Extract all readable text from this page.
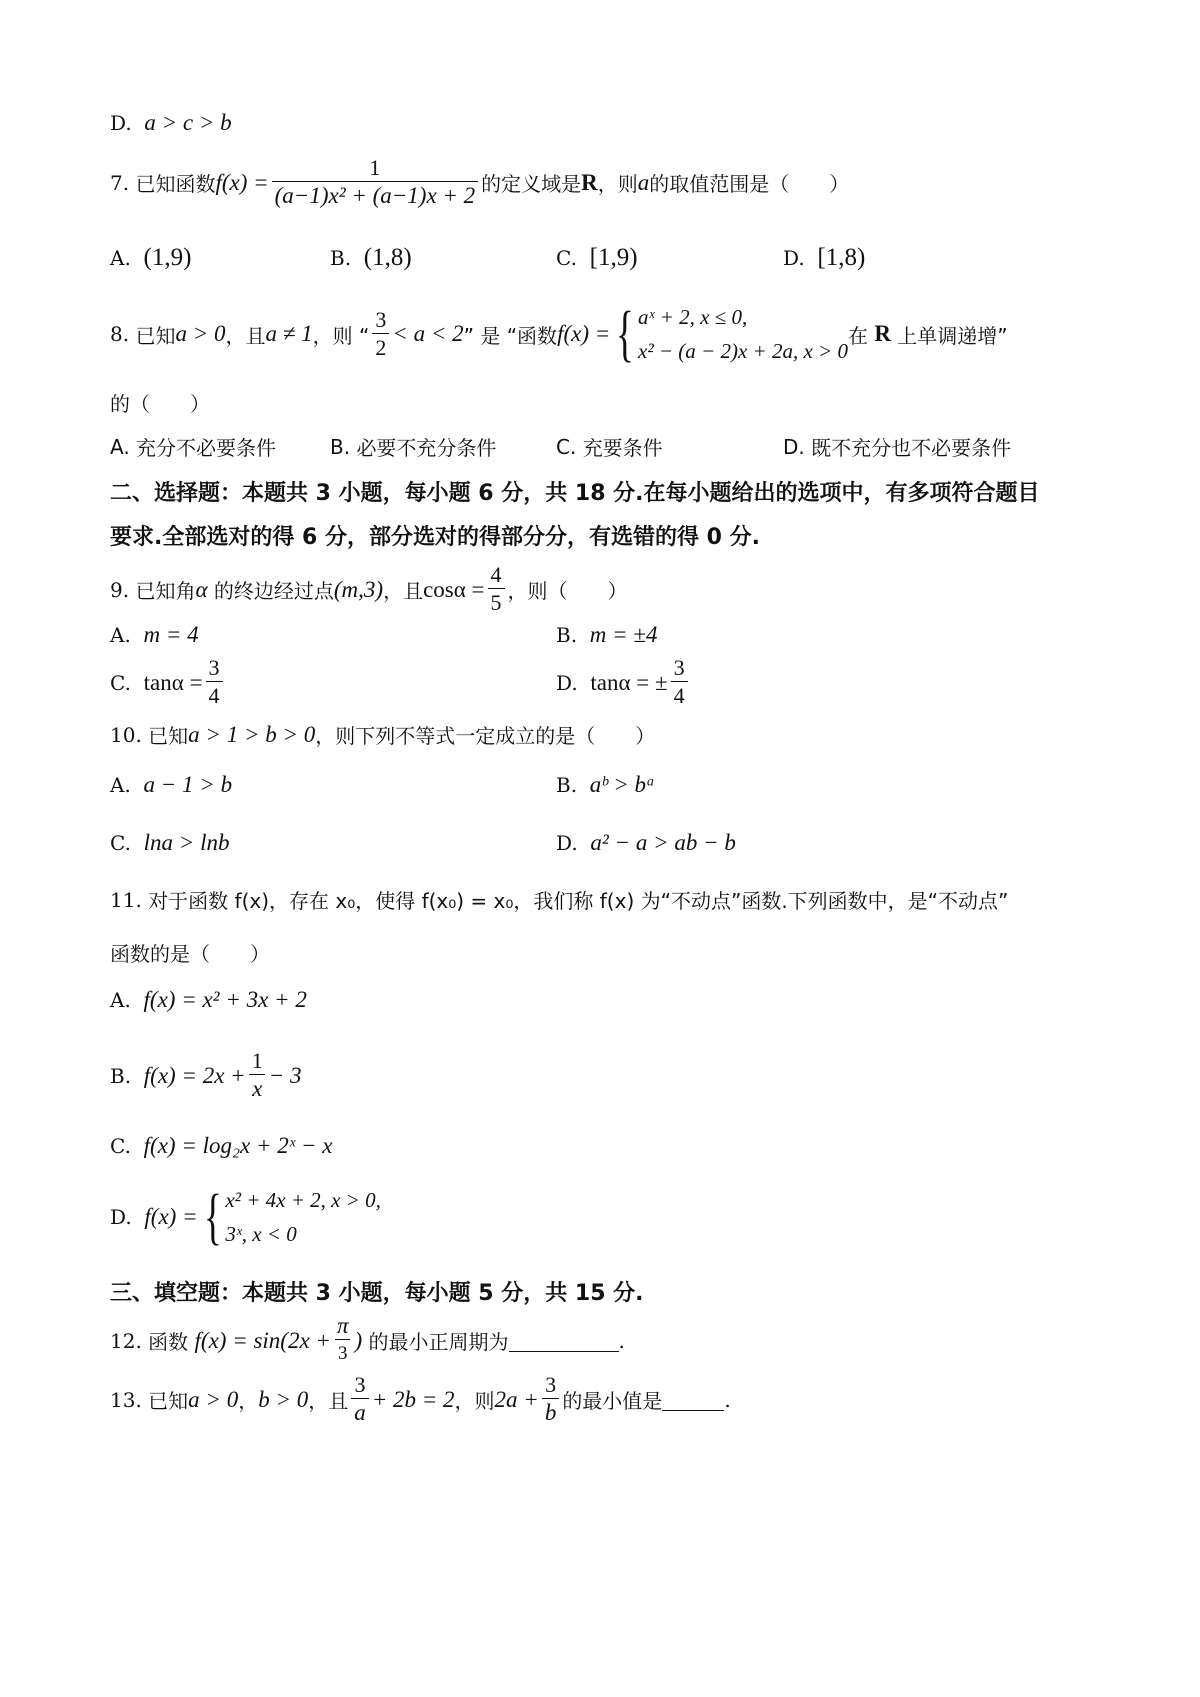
D.
a > c > b
7.
已知函数 $f(x) = \frac{1}{\text{(a−1)x² + (a−1)x + 2}}$ 的定义域是 R ，则 a 的取值范围是（　　）
A.
(1,9)	B.
(1,8)	C.
[1,9)	D.
[1,8)
8.
已知 a > 0 ，且 a ≠ 1 ，则 “ $\frac{3}{2} < a < 2$ ” 是 “函数 f(x) = { aˣ + 2, x ≤ 0,
x² − (a − 2)x + 2a, x > 0
在
R
上单调递增”
的（　　）
A.
充分不必要条件	B.
必要不充分条件	C.
充要条件	D.
既不充分也不必要条件
二、选择题：本题共 3 小题，每小题 6 分，共 18 分.在每小题给出的选项中，有多项符合题目
要求.全部选对的得 6 分，部分选对的得部分分，有选错的得 0 分.
9.
已知角 α
的终边经过点 (m,3) ，且 $\cos\alpha = \frac{4}{5}$ ，则（　　）
A.
m = 4	B.
m = ±4
C.
$\tan\alpha = \frac{3}{4}$	D.
tanα = ± $\frac{3}{4}$
10.
已知 a > 1 > b > 0 ，则下列不等式一定成立的是（　　）
A.
a − 1 > b	B.
aᵇ > bᵃ
C.
lna > lnb	D.
a² − a > ab − b
11.
对于函数 f(x)，存在 x₀，使得 f(x₀) = x₀，我们称 f(x) 为“不动点”函数.下列函数中，是“不动点”
函数的是（　　）
A.
f(x) = x² + 3x + 2
B.
$f(x) = 2x + \frac{1}{x} - 3$
C.
f(x) = log₂x + 2ˣ − x
D.
f(x) = { x² + 4x + 2, x > 0,
3ˣ, x < 0
三、填空题：本题共 3 小题，每小题 5 分，共 15 分.
12.
函数
$f(x) = \sin(2x + \frac{\pi}{3}$ )
的最小正周期为	.
13.
已知 a > 0 ， b > 0 ，且 $\frac{3}{a} + 2b = 2$ ，则 $2a + \frac{3}{b}$ 的最小值是	.
